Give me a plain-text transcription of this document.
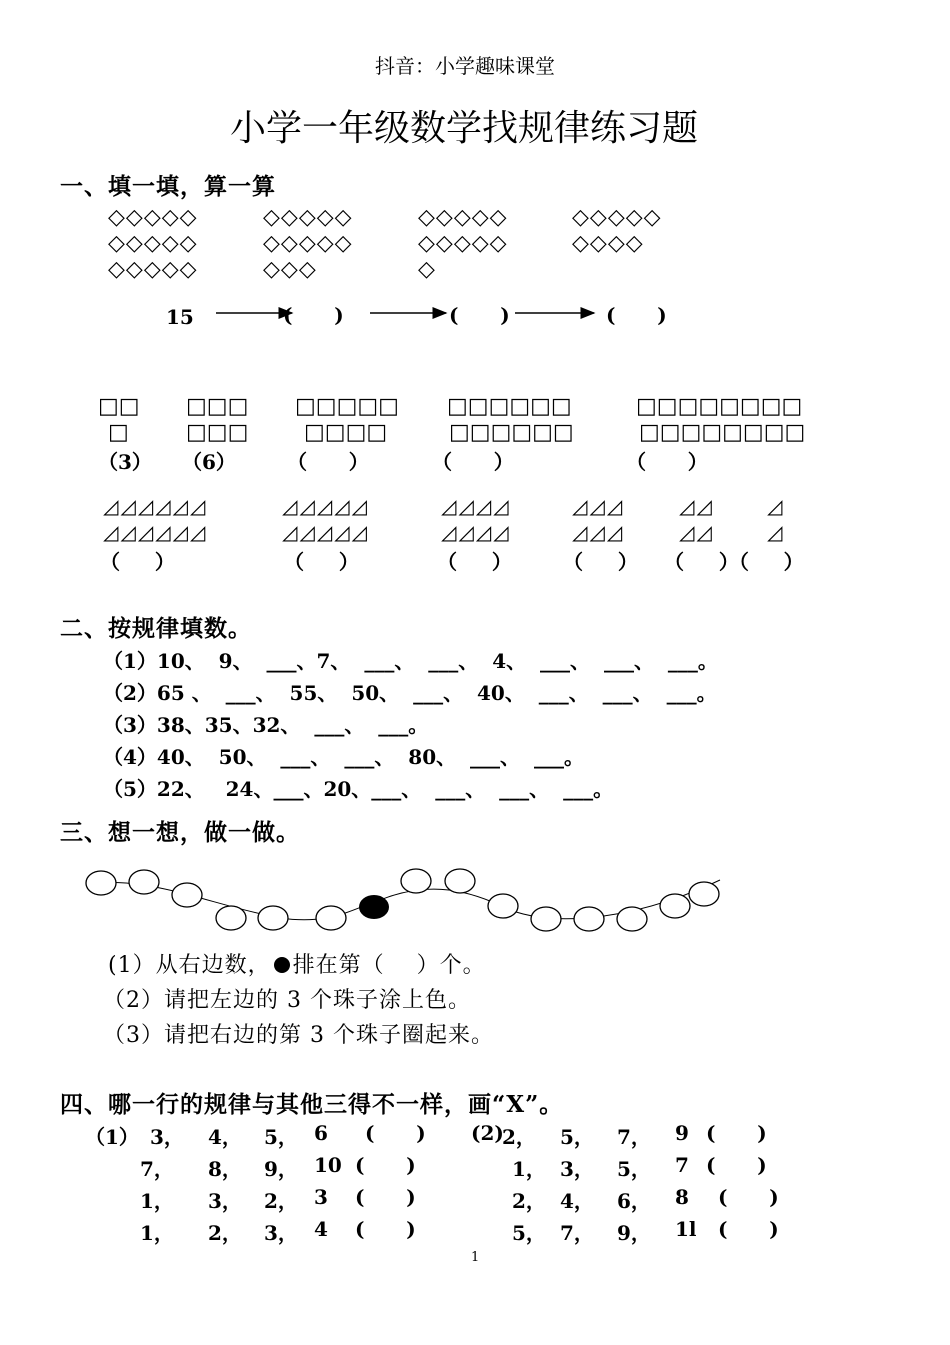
抖音：小学趣味课堂
小学一年级数学找规律练习题
一、填一填，算一算
◇◇◇◇◇	◇◇◇◇◇	◇◇◇◇◇	◇◇◇◇◇
◇◇◇◇◇	◇◇◇◇◇	◇◇◇◇◇	◇◇◇◇
◇◇◇◇◇	◇◇◇	◇
15	(      )	(      )	(      )
□□ □□□ □□□□□ □□□□□□	□□□□□□□□
□	□□□	□□□□	□□□□□□	□□□□□□□□
（3） （6）	（      ）	（      ）	（      ）
◿◿◿◿◿◿	◿◿◿◿◿	◿◿◿◿	◿◿◿	◿◿	◿
◿◿◿◿◿◿	◿◿◿◿◿	◿◿◿◿	◿◿◿	◿◿	◿
（     ）	（     ）	（     ）	（     ） （     ）（     ）
二、按规律填数。
（1）10、  9、  ___、7、  ___、  ___、  4、  ___、  ___、  ___。
（2）65 、  ___、  55、  50、  ___、  40、  ___、  ___、  ___。
（3）38、35、32、  ___、  ___。
（4）40、  50、  ___、  ___、  80、  ___、  ___。
（5）22、   24、___、20、___、  ___、  ___、  ___。
三、想一想，做一做。
(1）从右边数， 排在第（    ）个。
（2）请把左边的 3 个珠子涂上色。
（3）请把右边的第 3 个珠子圈起来。
四、哪一行的规律与其他三得不一样，画“X”。
（1）	(2)
3， 4， 5， 6 (      )
7， 8， 9， 10 (      )
1， 3， 2， 3 (      )
1， 2， 3， 4 (      )
2， 5， 7， 9 (      )
1， 3， 5， 7 (      )
2， 4， 6， 8 (      )
5， 7， 9， 1l (      )
1
